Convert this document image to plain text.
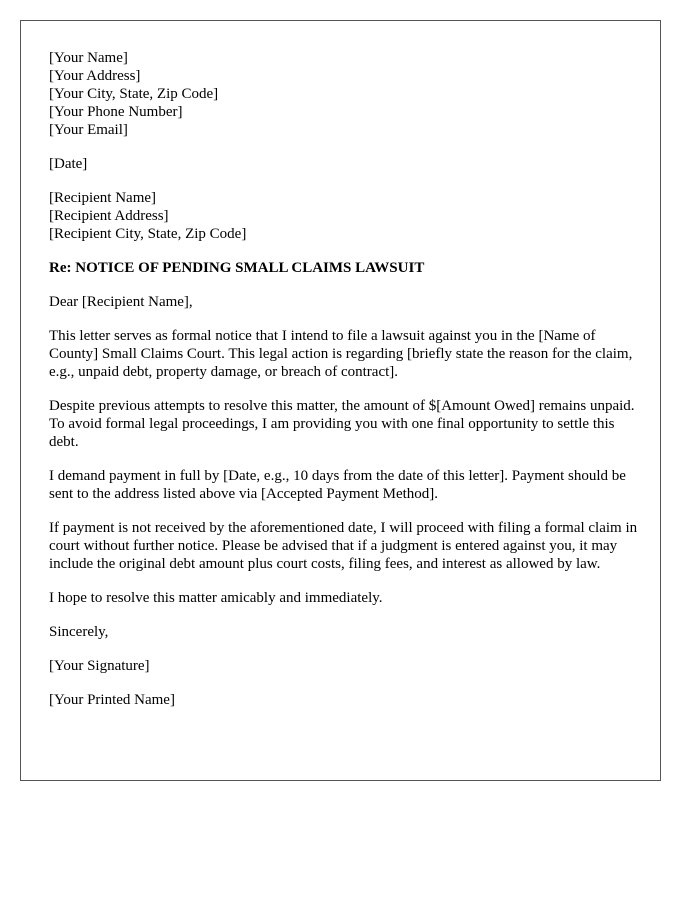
[Your Name]
[Your Address]
[Your City, State, Zip Code]
[Your Phone Number]
[Your Email]

[Date]

[Recipient Name]
[Recipient Address]
[Recipient City, State, Zip Code]

Re: NOTICE OF PENDING SMALL CLAIMS LAWSUIT

Dear [Recipient Name],

This letter serves as formal notice that I intend to file a lawsuit against you in the [Name of County] Small Claims Court. This legal action is regarding [briefly state the reason for the claim, e.g., unpaid debt, property damage, or breach of contract].

Despite previous attempts to resolve this matter, the amount of $[Amount Owed] remains unpaid. To avoid formal legal proceedings, I am providing you with one final opportunity to settle this debt.

I demand payment in full by [Date, e.g., 10 days from the date of this letter]. Payment should be sent to the address listed above via [Accepted Payment Method].

If payment is not received by the aforementioned date, I will proceed with filing a formal claim in court without further notice. Please be advised that if a judgment is entered against you, it may include the original debt amount plus court costs, filing fees, and interest as allowed by law.

I hope to resolve this matter amicably and immediately.

Sincerely,

[Your Signature]

[Your Printed Name]
